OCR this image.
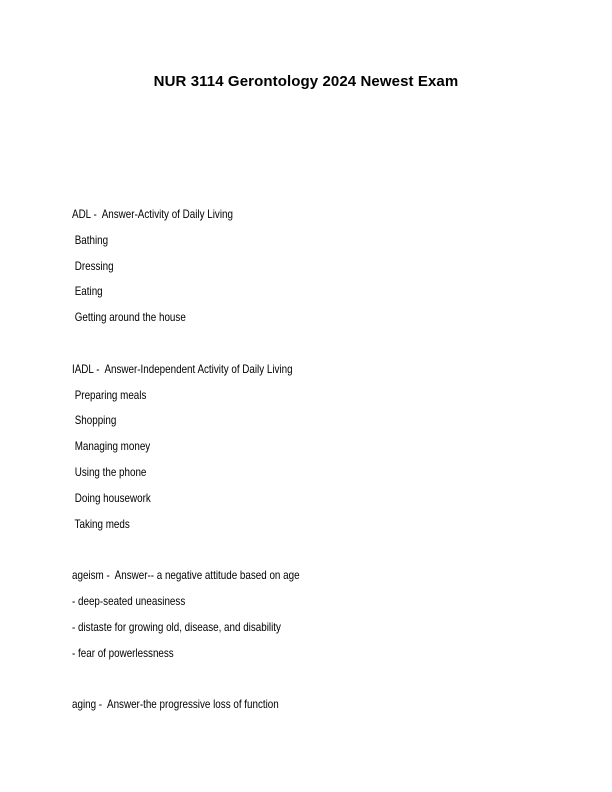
NUR 3114 Gerontology 2024 Newest Exam
ADL -  Answer-Activity of Daily Living
Bathing
Dressing
Eating
Getting around the house
IADL -  Answer-Independent Activity of Daily Living
Preparing meals
Shopping
Managing money
Using the phone
Doing housework
Taking meds
ageism -  Answer-- a negative attitude based on age
- deep-seated uneasiness
- distaste for growing old, disease, and disability
- fear of powerlessness
aging -  Answer-the progressive loss of function
